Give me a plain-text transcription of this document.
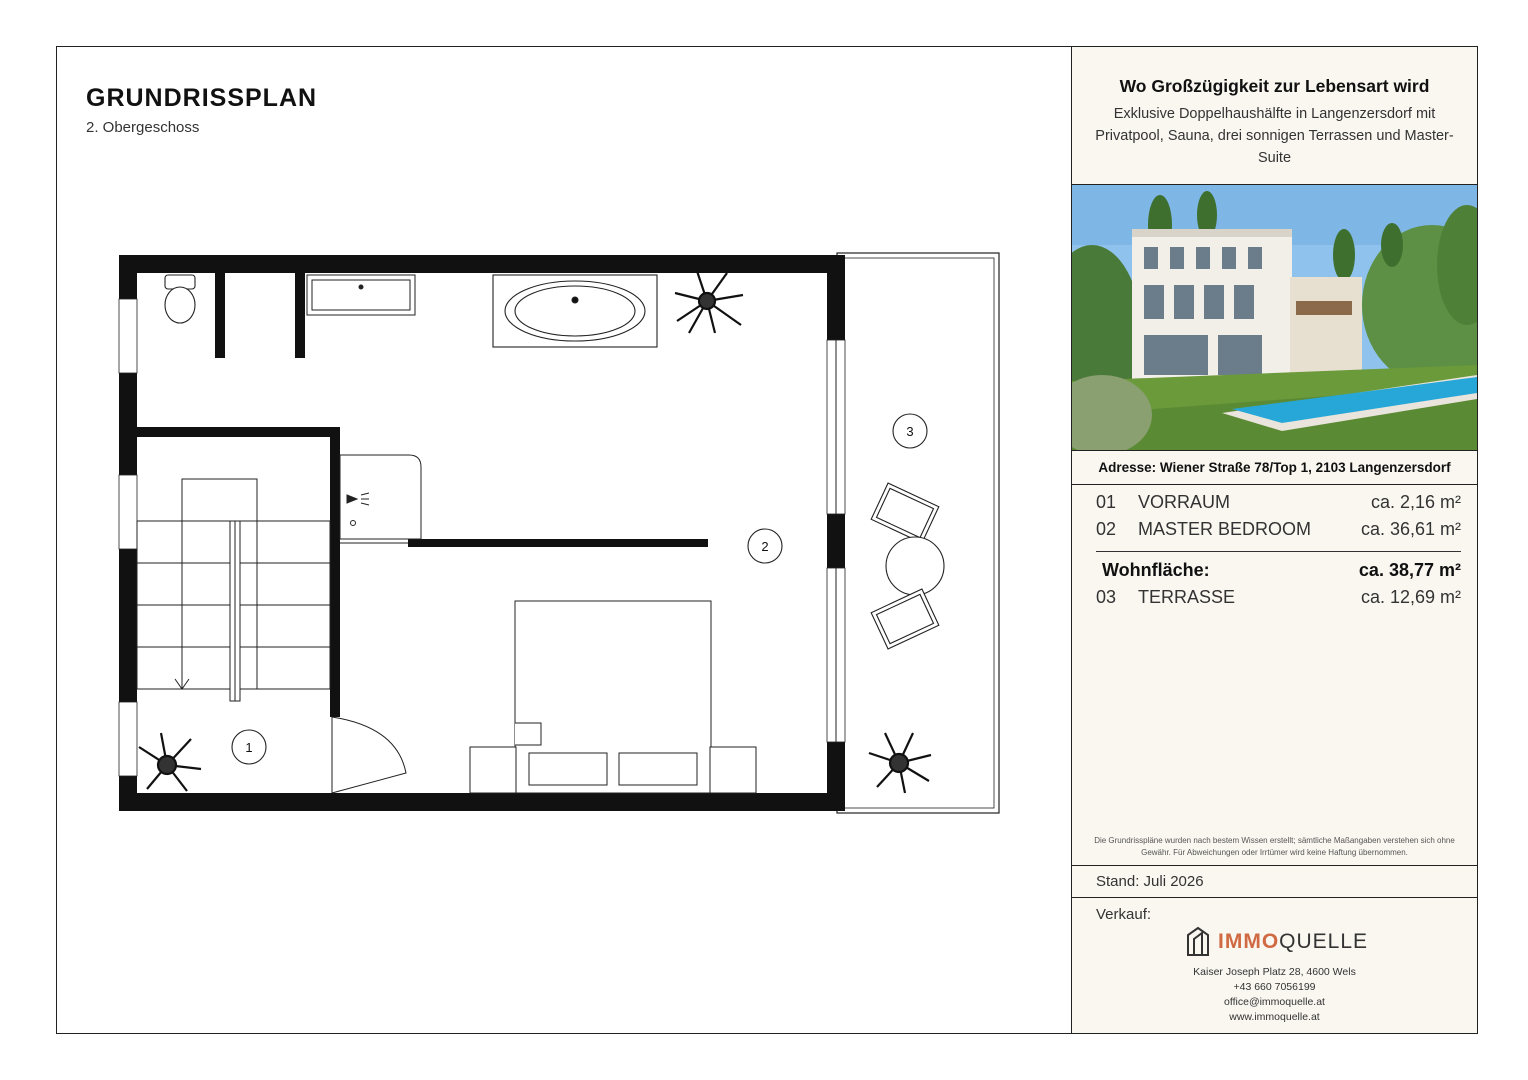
GRUNDRISSPLAN
2. Obergeschoss
1
2
3
Wo Großzügigkeit zur Lebensart wird
Exklusive Doppelhaushälfte in Langenzersdorf mit Privatpool, Sauna, drei sonnigen Terrassen und Master-Suite
Adresse: Wiener Straße 78/Top 1, 2103 Langenzersdorf
01 VORRAUM	ca. 2,16 m²
02 MASTER BEDROOM	ca. 36,61 m²
Wohnfläche:	ca. 38,77 m²
03 TERRASSE	ca. 12,69 m²
Die Grundrisspläne wurden nach bestem Wissen erstellt; sämtliche Maßangaben verstehen sich ohne Gewähr. Für Abweichungen oder Irrtümer wird keine Haftung übernommen.
Stand: Juli 2026
Verkauf:
IMMOQUELLE
Kaiser Joseph Platz 28, 4600 Wels
+43 660 7056199
office@immoquelle.at
www.immoquelle.at
